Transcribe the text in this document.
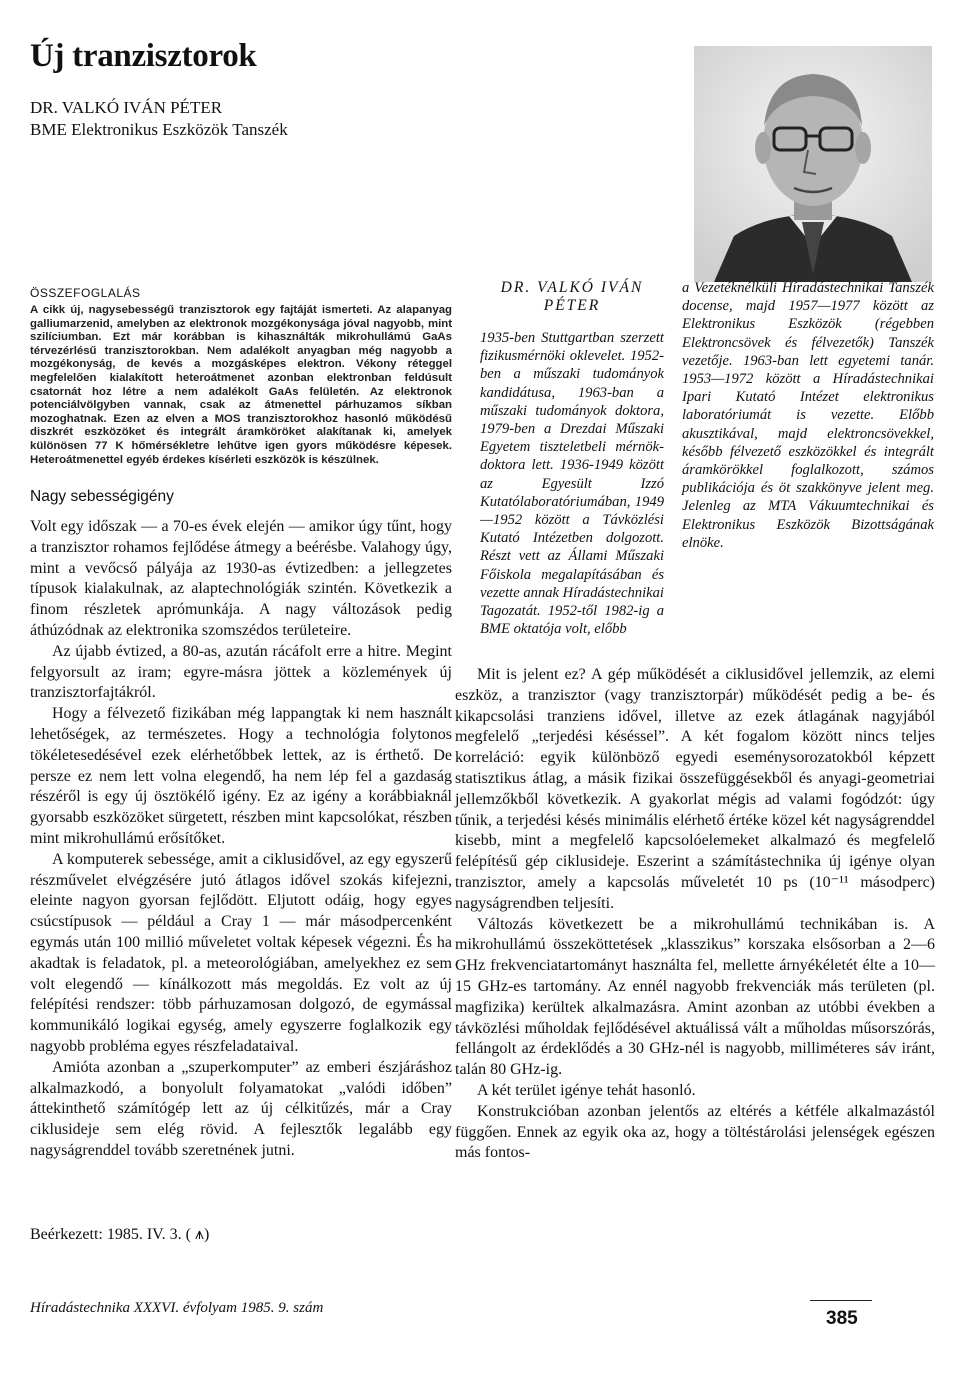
Új tranzisztorok
DR. VALKÓ IVÁN PÉTER
BME Elektronikus Eszközök Tanszék
ÖSSZEFOGLALÁS
A cikk új, nagysebességű tranzisztorok egy fajtáját ismerteti. Az alapanyag galliumarzenid, amelyben az elektronok mozgékonysága jóval nagyobb, mint szilíciumban. Ezt már korábban is kihasználták mikrohullámú GaAs térvezérlésű tranzisztorokban. Nem adalékolt anyagban még nagyobb a mozgékonyság, de kevés a mozgásképes elektron. Vékony réteggel megfelelően kialakított heteroátmenet azonban elektronban feldúsult csatornát hoz létre a nem adalékolt GaAs felületén. Az elektronok potenciálvölgyben vannak, csak az átmenettel párhuzamos síkban mozoghatnak. Ezen az elven a MOS tranzisztorokhoz hasonló működésű diszkrét eszközöket és integrált áramköröket alakítanak ki, amelyek különösen 77 K hőmérsékletre lehűtve igen gyors működésre képesek. Heteroátmenettel egyéb érdekes kísérleti eszközök is készülnek.
Nagy sebességigény

Volt egy időszak — a 70-es évek elején — amikor úgy tűnt, hogy a tranzisztor rohamos fejlődése átmegy a beérésbe. Valahogy úgy, mint a vevőcső pályája az 1930-as évtizedben: a jellegzetes típusok kialakulnak, az alaptechnológiák szintén. Következik a finom részletek aprómunkája. A nagy változások pedig áthúzódnak az elektronika szomszédos területeire.

Az újabb évtized, a 80-as, azután rácáfolt erre a hitre. Megint felgyorsult az iram; egyre-másra jöttek a közlemények új tranzisztorfajtákról.

Hogy a félvezető fizikában még lappangtak ki nem használt lehetőségek, az természetes. Hogy a technológia folytonos tökéletesedésével ezek elérhetőbbek lettek, az is érthető. De persze ez nem lett volna elegendő, ha nem lép fel a gazdaság részéről is egy új ösztökélő igény. Ez az igény a korábbiaknál gyorsabb eszközöket sürgetett, részben mint kapcsolókat, részben mint mikrohullámú erősítőket.

A komputerek sebessége, amit a ciklusidővel, az egy egyszerű részművelet elvégzésére jutó átlagos idővel szokás kifejezni, eleinte nagyon gyorsan fejlődött. Eljutott odáig, hogy egyes csúcstípusok — például a Cray 1 — már másodpercenként egymás után 100 millió műveletet voltak képesek végezni. És ha akadtak is feladatok, pl. a meteorológiában, amelyekhez ez sem volt elegendő — kínálkozott más megoldás. Ez volt az új felépítési rendszer: több párhuzamosan dolgozó, de egymással kommunikáló logikai egység, amely egyszerre foglalkozik egy nagyobb probléma egyes részfeladataival.

Amióta azonban a „szuperkomputer” az emberi észjáráshoz alkalmazkodó, a bonyolult folyamatokat „valódi időben” áttekinthető számítógép lett az új célkitűzés, már a Cray ciklusideje sem elég rövid. A fejlesztők legalább egy nagyságrenddel tovább szeretnének jutni.

Beérkezett: 1985. IV. 3. ( ⩚)
DR. VALKÓ IVÁN PÉTER
1935-ben Stuttgartban szerzett fizikusmérnöki oklevelet. 1952-ben a műszaki tudományok kandidátusa, 1963-ban a műszaki tudományok doktora, 1979-ben a Drezdai Műszaki Egyetem tiszteletbeli mérnök-doktora lett. 1936-1949 között az Egyesült Izzó Kutatólaboratóriumában, 1949—1952 között a Távközlési Kutató Intézetben dolgozott. Részt vett az Állami Műszaki Főiskola megalapításában és vezette annak Híradástechnikai Tagozatát. 1952-től 1982-ig a BME oktatója volt, előbb
a Vezetéknélküli Híradástechnikai Tanszék docense, majd 1957—1977 között az Elektronikus Eszközök (régebben Elektroncsövek és félvezetők) Tanszék vezetője. 1963-ban lett egyetemi tanár. 1953—1972 között a Híradástechnikai Ipari Kutató Intézet elektronikus laboratóriumát is vezette. Előbb akusztikával, majd elektroncsövekkel, később félvezető eszközökkel és integrált áramkörökkel foglalkozott, számos publikációja és öt szakkönyve jelent meg. Jelenleg az MTA Vákuumtechnikai és Elektronikus Eszközök Bizottságának elnöke.

Mit is jelent ez? A gép működését a ciklusidővel jellemzik, az elemi eszköz, a tranzisztor (vagy tranzisztorpár) működését pedig a be- és kikapcsolási tranziens idővel, illetve az ezek átlagának nagyjából megfelelő „terjedési késéssel”. A két fogalom között nincs teljes korreláció: egyik különböző egyedi eseménysorozatokból képzett statisztikus átlag, a másik fizikai összefüggésekből és anyagi-geometriai jellemzőkből következik. A gyakorlat mégis ad valami fogódzót: úgy tűnik, a terjedési késés minimális elérhető értéke közel két nagyságrenddel kisebb, mint a megfelelő kapcsolóelemeket alkalmazó és megfelelő felépítésű gép ciklusideje. Eszerint a számítástechnika új igénye olyan tranzisztor, amely a kapcsolás műveletét 10 ps (10⁻¹¹ másodperc) nagyságrendben teljesíti.

Változás következett be a mikrohullámú technikában is. A mikrohullámú összeköttetések „klasszikus” korszaka elsősorban a 2—6 GHz frekvenciatartományt használta fel, mellette árnyékéletét élte a 10—15 GHz-es tartomány. Az ennél nagyobb frekvenciák más területen (pl. magfizika) kerültek alkalmazásra. Amint azonban az utóbbi években a távközlési műholdak fejlődésével aktuálissá vált a műholdas műsorszórás, fellángolt az érdeklődés a 30 GHz-nél is nagyobb, milliméteres sáv iránt, talán 80 GHz-ig.

A két terület igénye tehát hasonló.

Konstrukcióban azonban jelentős az eltérés a kétféle alkalmazástól függően. Ennek az egyik oka az, hogy a töltéstárolási jelenségek egészen más fontos-

Híradástechnika XXXVI. évfolyam 1985. 9. szám	385
